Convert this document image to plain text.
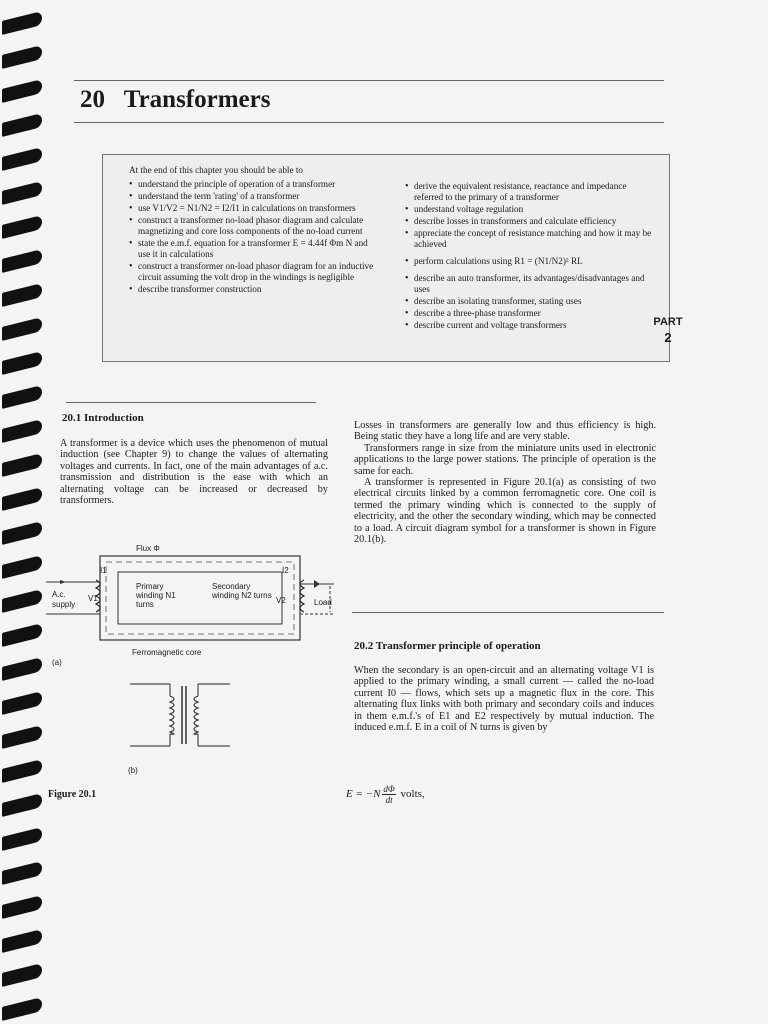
20 Transformers
At the end of this chapter you should be able to
• understand the principle of operation of a transformer
• understand the term 'rating' of a transformer
• use V1/V2 = N1/N2 = I2/I1 in calculations on transformers
• construct a transformer no-load phasor diagram and calculate magnetizing and core loss components of the no-load current
• state the e.m.f. equation for a transformer E = 4.44f Φm N and use it in calculations
• construct a transformer on-load phasor diagram for an inductive circuit assuming the volt drop in the windings is negligible
• describe transformer construction
• derive the equivalent resistance, reactance and impedance referred to the primary of a transformer
• understand voltage regulation
• describe losses in transformers and calculate efficiency
• appreciate the concept of resistance matching and how it may be achieved
• perform calculations using R1 = (N1/N2)² RL
• describe an auto transformer, its advantages/disadvantages and uses
• describe an isolating transformer, stating uses
• describe a three-phase transformer
• describe current and voltage transformers	PART
2
20.1 Introduction

A transformer is a device which uses the phenomenon of mutual induction (see Chapter 9) to change the values of alternating voltages and currents. In fact, one of the main advantages of a.c. transmission and distribution is the ease with which an alternating voltage can be increased or decreased by transformers.

Losses in transformers are generally low and thus efficiency is high. Being static they have a long life and are very stable.

Transformers range in size from the miniature units used in electronic applications to the large power stations. The principle of operation is the same for each.

A transformer is represented in Figure 20.1(a) as consisting of two electrical circuits linked by a common ferromagnetic core. One coil is termed the primary winding which is connected to the supply of electricity, and the other the secondary winding, which may be connected to a load. A circuit diagram symbol for a transformer is shown in Figure 20.1(b).

20.2 Transformer principle of operation

When the secondary is an open-circuit and an alternating voltage V1 is applied to the primary winding, a small current — called the no-load current I0 — flows, which sets up a magnetic flux in the core. This alternating flux links with both primary and secondary coils and induces in them e.m.f.'s of E1 and E2 respectively by mutual induction. The induced e.m.f. E in a coil of N turns is given by

$E = -N \frac{d\Phi}{dt}$ volts,
Flux Φ
A.c. supply
V1
I1
Primary winding N1 turns
Secondary winding N2 turns
I2
V2	Load
Ferromagnetic core
(a)
(b)
Figure 20.1
